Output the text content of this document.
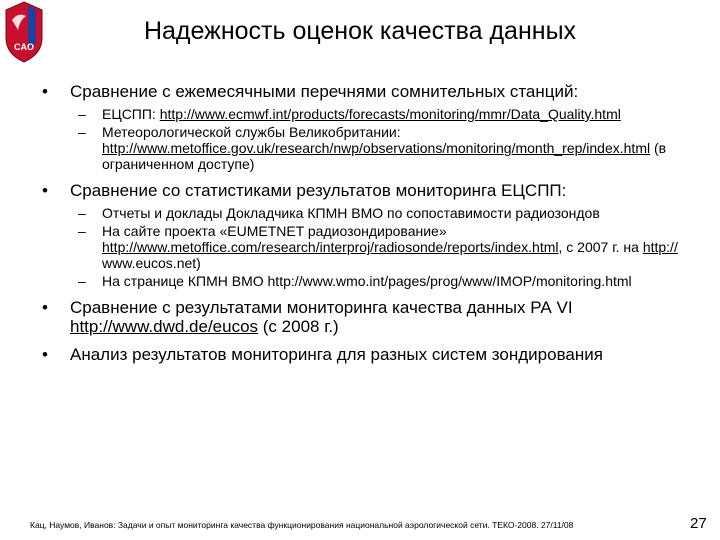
CAO
Надежность оценок качества данных
• Сравнение с ежемесячными перечнями сомнительных станций:
– ЕЦСПП: http://www.ecmwf.int/products/forecasts/monitoring/mmr/Data_Quality.html
– Метеорологической службы Великобритании: http://www.metoffice.gov.uk/research/nwp/observations/monitoring/month_rep/index.html (в ограниченном доступе)
• Сравнение со статистиками результатов мониторинга ЕЦСПП:
– Отчеты и доклады Докладчика КПМН ВМО по сопоставимости радиозондов
– На сайте проекта «EUMETNET радиозондирование» http://www.metoffice.com/research/interproj/radiosonde/reports/index.html, с 2007 г. на http:// www.eucos.net)
– На странице КПМН ВМО http://www.wmo.int/pages/prog/www/IMOP/monitoring.html
• Сравнение с результатами мониторинга качества данных РА VI http://www.dwd.de/eucos (с 2008 г.)
• Анализ результатов мониторинга для разных систем зондирования
Кац, Наумов, Иванов: Задачи и опыт мониторинга качества функционирования национальной аэрологической сети. ТЕКО-2008. 27/11/08	27
